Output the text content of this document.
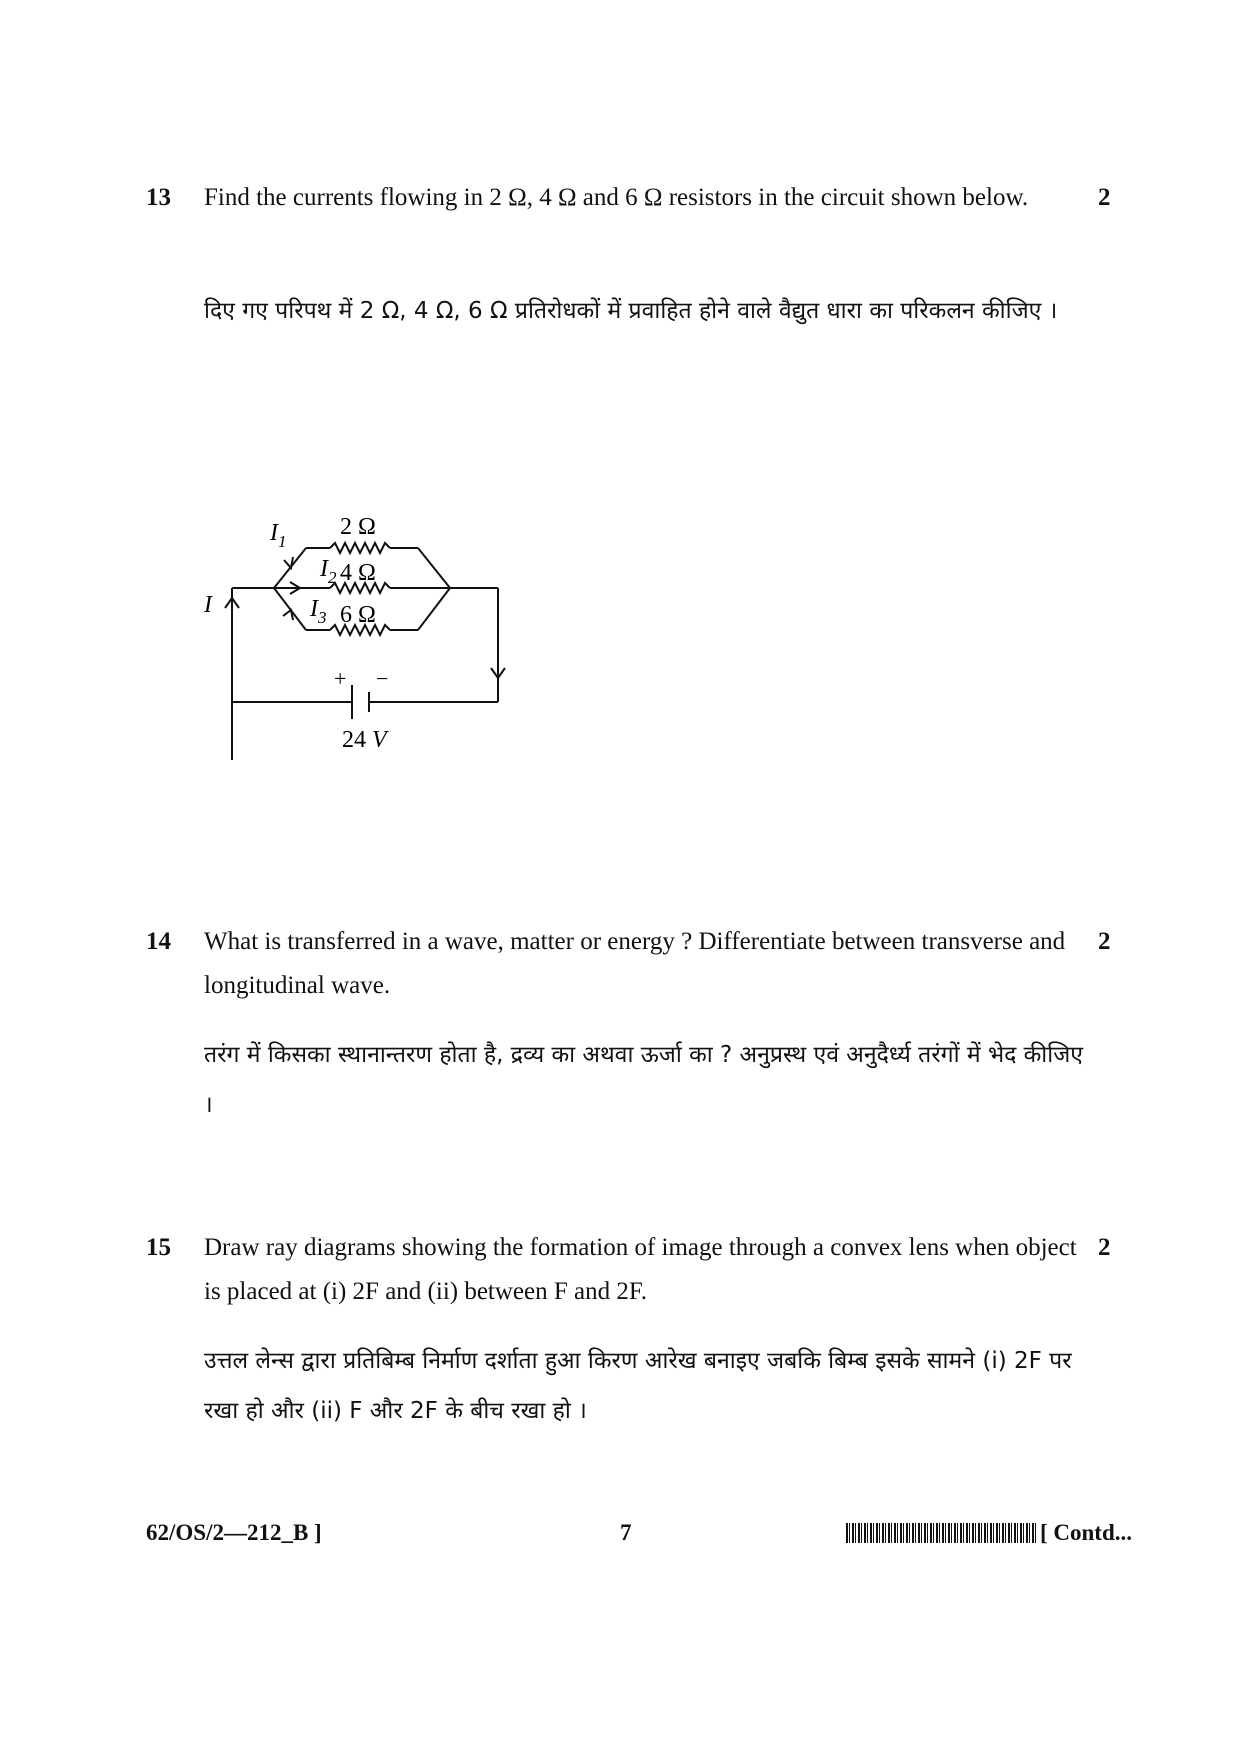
13 Find the currents flowing in 2 Ω, 4 Ω and 6 Ω resistors in the circuit shown below.	2
दिए गए परिपथ में 2 Ω, 4 Ω, 6 Ω प्रतिरोधकों में प्रवाहित होने वाले वैद्युत धारा का परिकलन कीजिए ।
2 Ω
4 Ω
6 Ω
$I_1$
$I_2$
$I_3$
I
+ −
24 V
14 What is transferred in a wave, matter or energy ? Differentiate between transverse and longitudinal wave.
2
तरंग में किसका स्थानान्तरण होता है, द्रव्य का अथवा ऊर्जा का ? अनुप्रस्थ एवं अनुदैर्ध्य तरंगों में भेद कीजिए ।
15 Draw ray diagrams showing the formation of image through a convex lens when object is placed at (i) 2F and (ii) between F and 2F.
2
उत्तल लेन्स द्वारा प्रतिबिम्ब निर्माण दर्शाता हुआ किरण आरेख बनाइए जबकि बिम्ब इसके सामने (i) 2F पर रखा हो और (ii) F और 2F के बीच रखा हो ।
62/OS/2—212_B ]	7	[ Contd...
